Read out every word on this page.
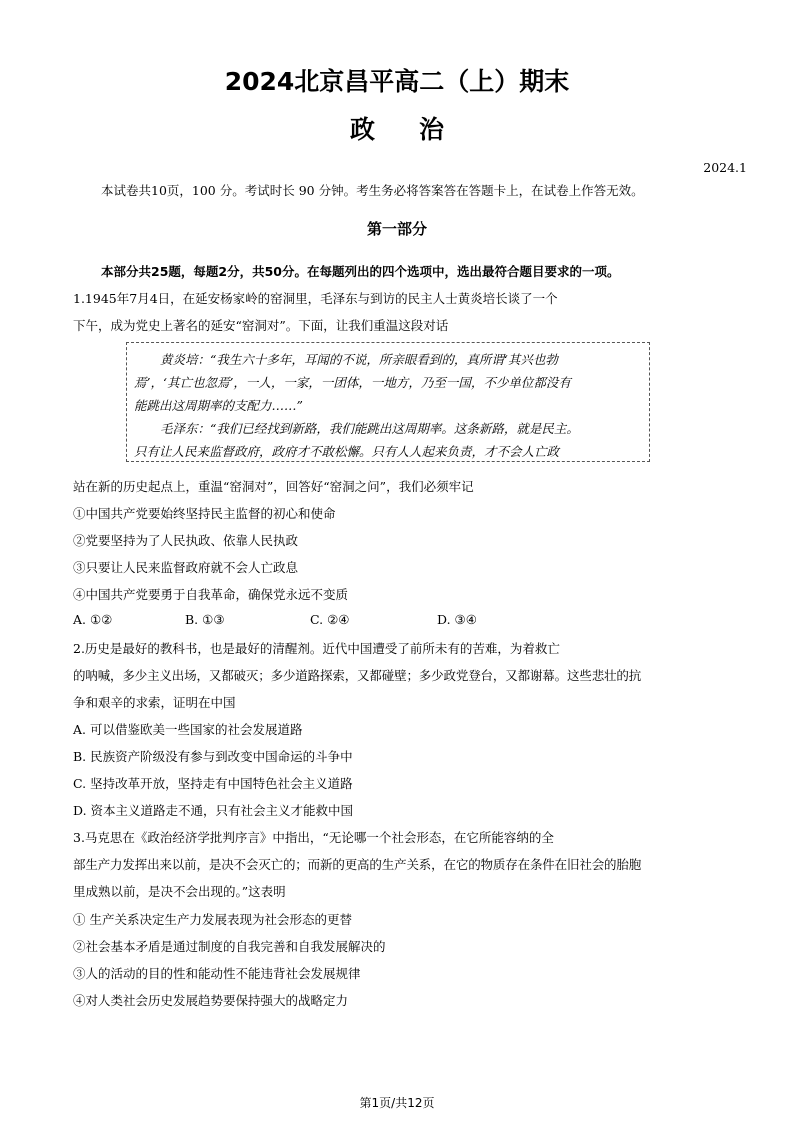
2024北京昌平高二（上）期末
政 治
2024.1
本试卷共10页，100 分。考试时长 90 分钟。考生务必将答案答在答题卡上，在试卷上作答无效。
第一部分
本部分共25题，每题2分，共50分。在每题列出的四个选项中，选出最符合题目要求的一项。
1.1945年7月4日，在延安杨家岭的窑洞里，毛泽东与到访的民主人士黄炎培长谈了一个
下午，成为党史上著名的延安“窑洞对”。下面，让我们重温这段对话
黄炎培：“我生六十多年，耳闻的不说，所亲眼看到的，真所谓‘其兴也勃
焉’，‘其亡也忽焉’，一人，一家，一团体，一地方，乃至一国，不少单位都没有
能跳出这周期率的支配力……”
毛泽东：“我们已经找到新路，我们能跳出这周期率。这条新路，就是民主。
只有让人民来监督政府，政府才不敢松懈。只有人人起来负责，才不会人亡政
站在新的历史起点上，重温“窑洞对”，回答好“窑洞之问”，我们必须牢记
①中国共产党要始终坚持民主监督的初心和使命
②党要坚持为了人民执政、依靠人民执政
③只要让人民来监督政府就不会人亡政息
④中国共产党要勇于自我革命，确保党永远不变质
A. ①②	B. ①③	C. ②④	D. ③④
2.历史是最好的教科书，也是最好的清醒剂。近代中国遭受了前所未有的苦难，为着救亡
的呐喊，多少主义出场，又都破灭；多少道路探索，又都碰壁；多少政党登台，又都谢幕。这些悲壮的抗
争和艰辛的求索，证明在中国
A. 可以借鉴欧美一些国家的社会发展道路
B. 民族资产阶级没有参与到改变中国命运的斗争中
C. 坚持改革开放，坚持走有中国特色社会主义道路
D. 资本主义道路走不通，只有社会主义才能救中国
3.马克思在《政治经济学批判序言》中指出，“无论哪一个社会形态，在它所能容纳的全
部生产力发挥出来以前，是决不会灭亡的；而新的更高的生产关系，在它的物质存在条件在旧社会的胎胞
里成熟以前，是决不会出现的。”这表明
① 生产关系决定生产力发展表现为社会形态的更替
②社会基本矛盾是通过制度的自我完善和自我发展解决的
③人的活动的目的性和能动性不能违背社会发展规律
④对人类社会历史发展趋势要保持强大的战略定力
第1页/共12页
